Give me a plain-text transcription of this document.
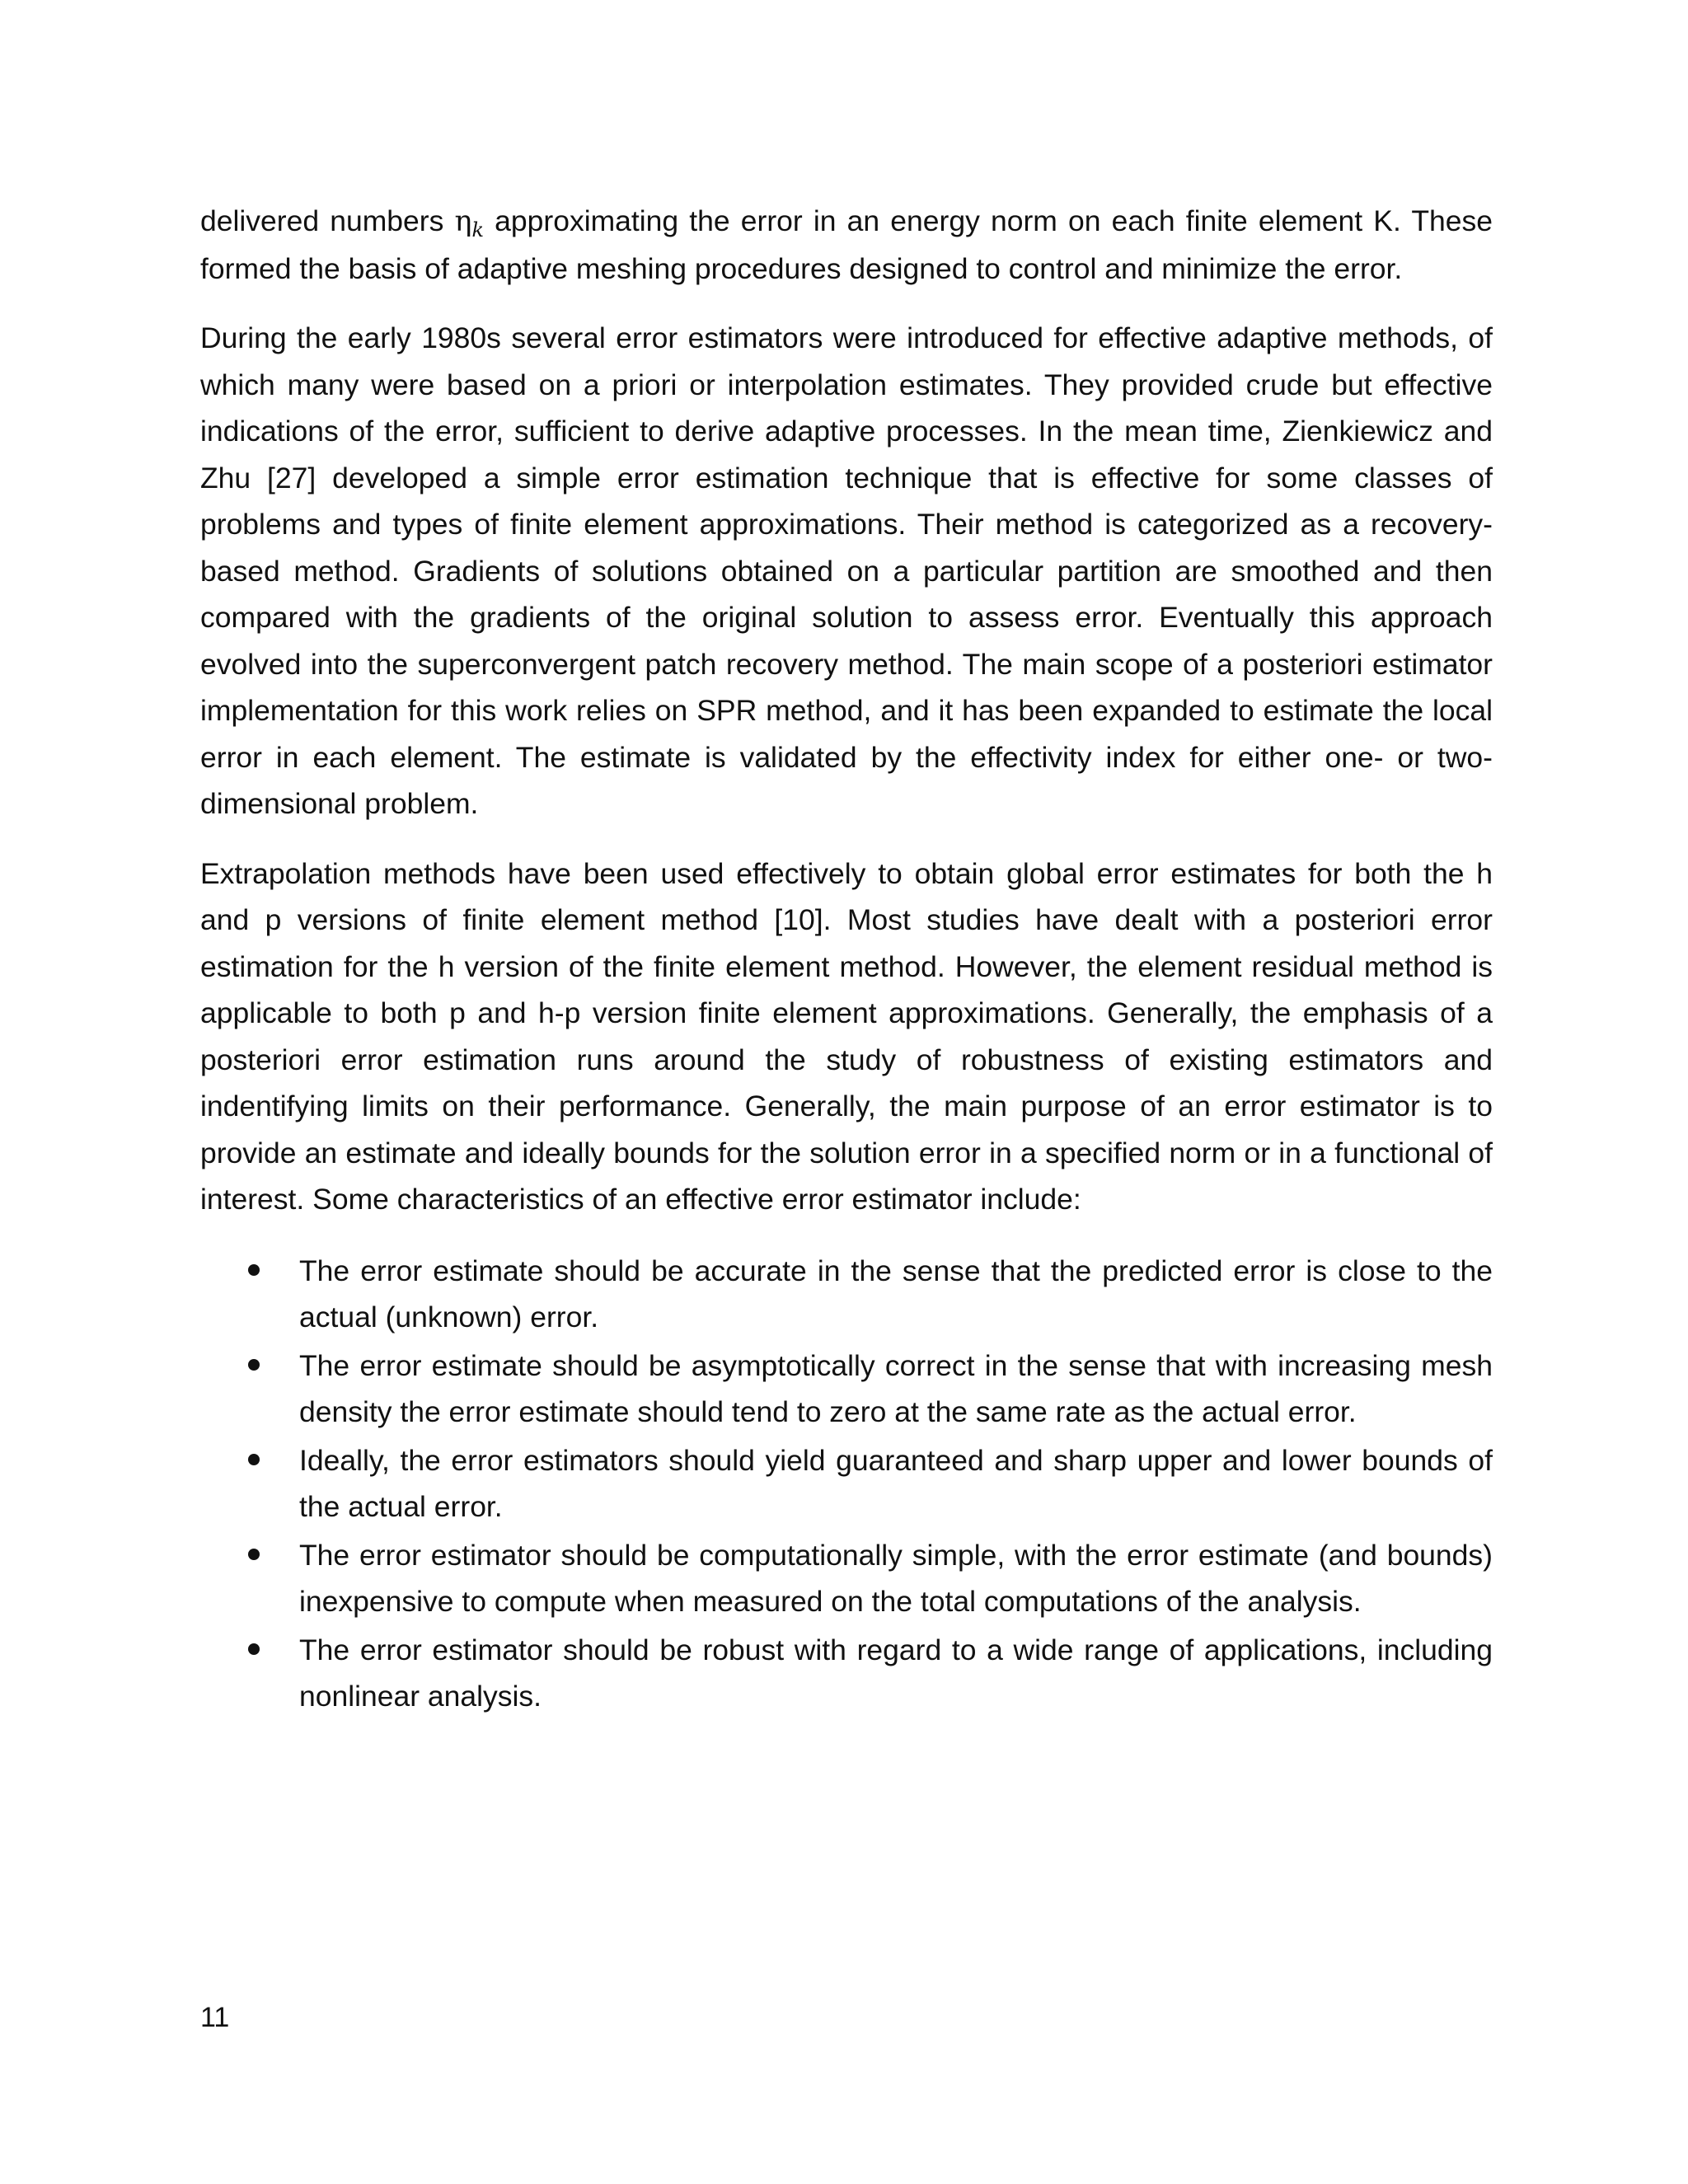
delivered numbers $\eta_k$ approximating the error in an energy norm on each finite element K. These formed the basis of adaptive meshing procedures designed to control and minimize the error.

During the early 1980s several error estimators were introduced for effective adaptive methods, of which many were based on a priori or interpolation estimates. They provided crude but effective indications of the error, sufficient to derive adaptive processes. In the mean time, Zienkiewicz and Zhu [27] developed a simple error estimation technique that is effective for some classes of problems and types of finite element approximations. Their method is categorized as a recovery-based method. Gradients of solutions obtained on a particular partition are smoothed and then compared with the gradients of the original solution to assess error. Eventually this approach evolved into the superconvergent patch recovery method. The main scope of a posteriori estimator implementation for this work relies on SPR method, and it has been expanded to estimate the local error in each element. The estimate is validated by the effectivity index for either one- or two-dimensional problem.

Extrapolation methods have been used effectively to obtain global error estimates for both the h and p versions of finite element method [10]. Most studies have dealt with a posteriori error estimation for the h version of the finite element method. However, the element residual method is applicable to both p and h-p version finite element approximations. Generally, the emphasis of a posteriori error estimation runs around the study of robustness of existing estimators and indentifying limits on their performance. Generally, the main purpose of an error estimator is to provide an estimate and ideally bounds for the solution error in a specified norm or in a functional of interest. Some characteristics of an effective error estimator include:

The error estimate should be accurate in the sense that the predicted error is close to the actual (unknown) error.
The error estimate should be asymptotically correct in the sense that with increasing mesh density the error estimate should tend to zero at the same rate as the actual error.
Ideally, the error estimators should yield guaranteed and sharp upper and lower bounds of the actual error.
The error estimator should be computationally simple, with the error estimate (and bounds) inexpensive to compute when measured on the total computations of the analysis.
The error estimator should be robust with regard to a wide range of applications, including nonlinear analysis.
11
